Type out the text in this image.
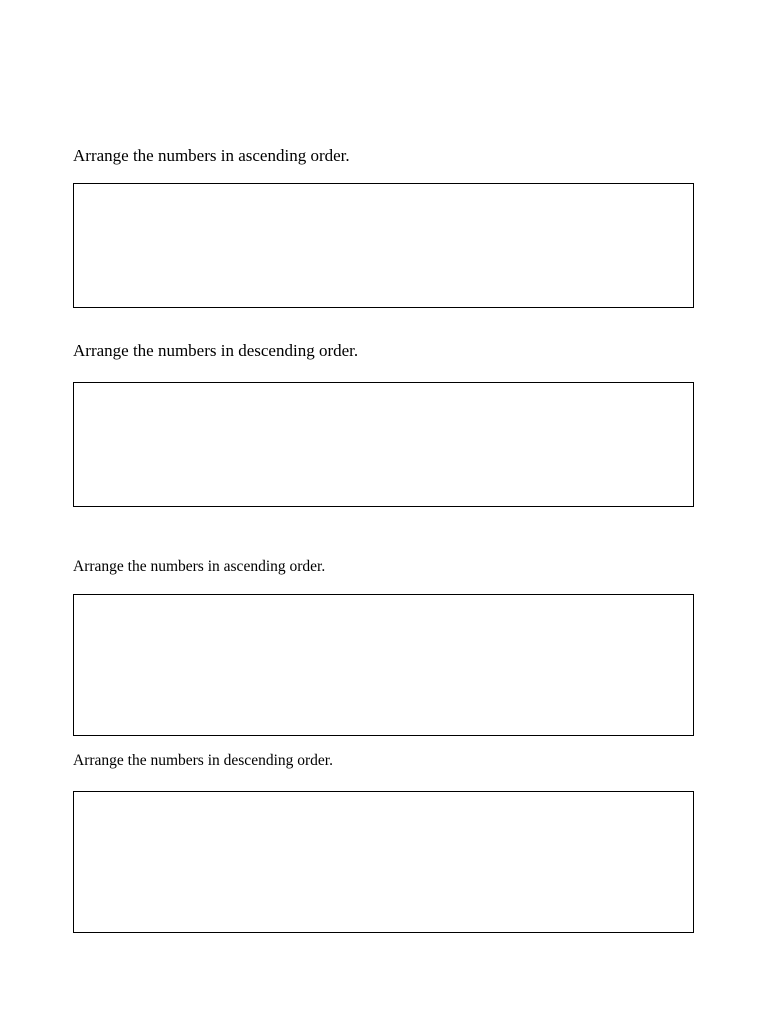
Arrange the numbers in ascending order.

Arrange the numbers in descending order.

Arrange the numbers in ascending order.

Arrange the numbers in descending order.
